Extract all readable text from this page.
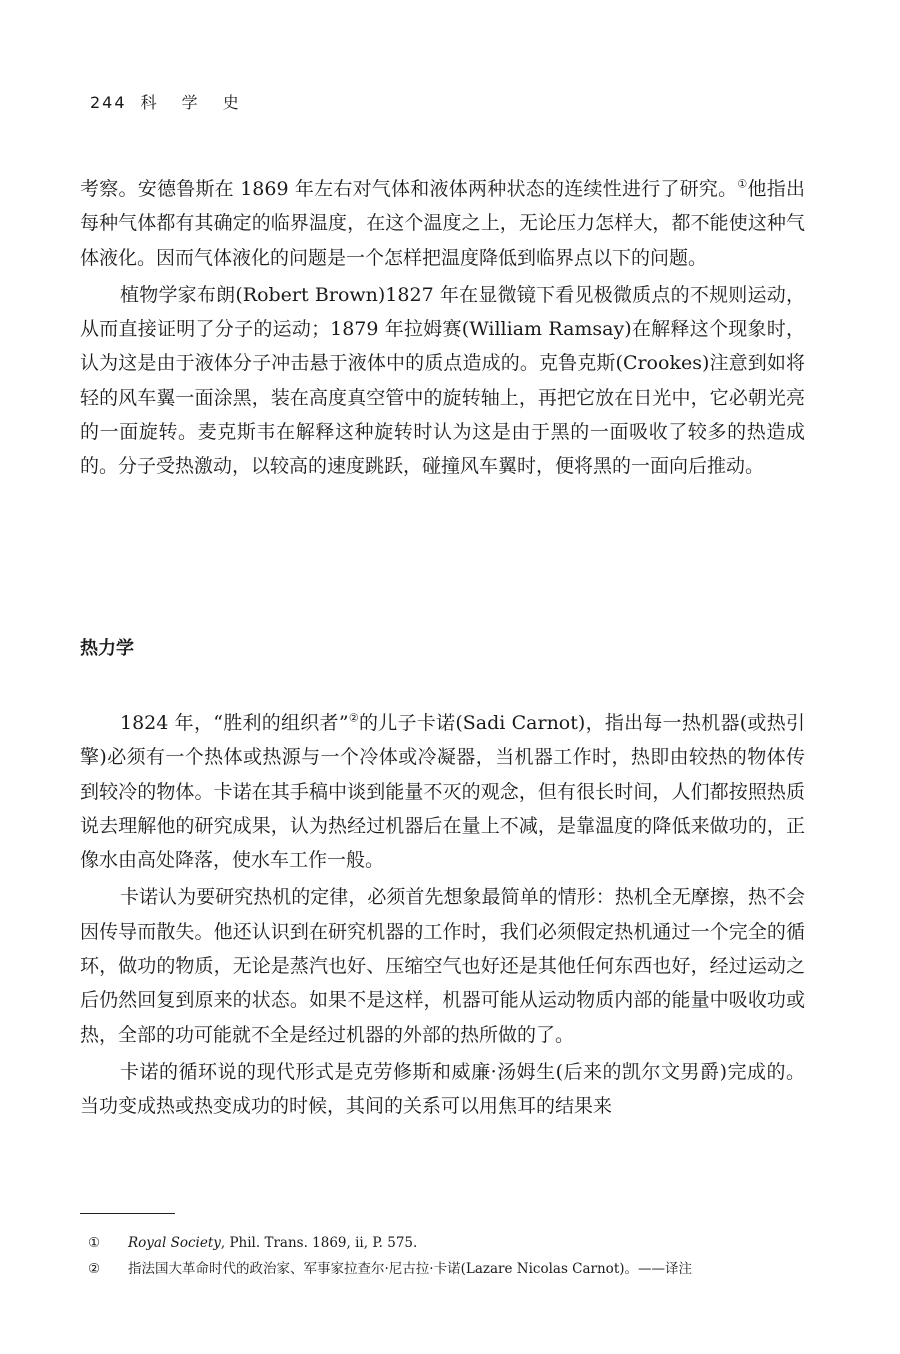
244 科 学 史

考察。安德鲁斯在 1869 年左右对气体和液体两种状态的连续性进行了研究。①他指出每种气体都有其确定的临界温度，在这个温度之上，无论压力怎样大，都不能使这种气体液化。因而气体液化的问题是一个怎样把温度降低到临界点以下的问题。

植物学家布朗(Robert Brown)1827 年在显微镜下看见极微质点的不规则运动，从而直接证明了分子的运动；1879 年拉姆赛(William Ramsay)在解释这个现象时，认为这是由于液体分子冲击悬于液体中的质点造成的。克鲁克斯(Crookes)注意到如将轻的风车翼一面涂黑，装在高度真空管中的旋转轴上，再把它放在日光中，它必朝光亮的一面旋转。麦克斯韦在解释这种旋转时认为这是由于黑的一面吸收了较多的热造成的。分子受热激动，以较高的速度跳跃，碰撞风车翼时，便将黑的一面向后推动。

热力学

1824 年，“胜利的组织者”②的儿子卡诺(Sadi Carnot)，指出每一热机器(或热引擎)必须有一个热体或热源与一个冷体或冷凝器，当机器工作时，热即由较热的物体传到较冷的物体。卡诺在其手稿中谈到能量不灭的观念，但有很长时间，人们都按照热质说去理解他的研究成果，认为热经过机器后在量上不减，是靠温度的降低来做功的，正像水由高处降落，使水车工作一般。

卡诺认为要研究热机的定律，必须首先想象最简单的情形：热机全无摩擦，热不会因传导而散失。他还认识到在研究机器的工作时，我们必须假定热机通过一个完全的循环，做功的物质，无论是蒸汽也好、压缩空气也好还是其他任何东西也好，经过运动之后仍然回复到原来的状态。如果不是这样，机器可能从运动物质内部的能量中吸收功或热，全部的功可能就不全是经过机器的外部的热所做的了。

卡诺的循环说的现代形式是克劳修斯和威廉·汤姆生(后来的凯尔文男爵)完成的。当功变成热或热变成功的时候，其间的关系可以用焦耳的结果来

①	Royal Society, Phil. Trans. 1869, ii, P. 575.
②	指法国大革命时代的政治家、军事家拉查尔·尼古拉·卡诺(Lazare Nicolas Carnot)。——译注
